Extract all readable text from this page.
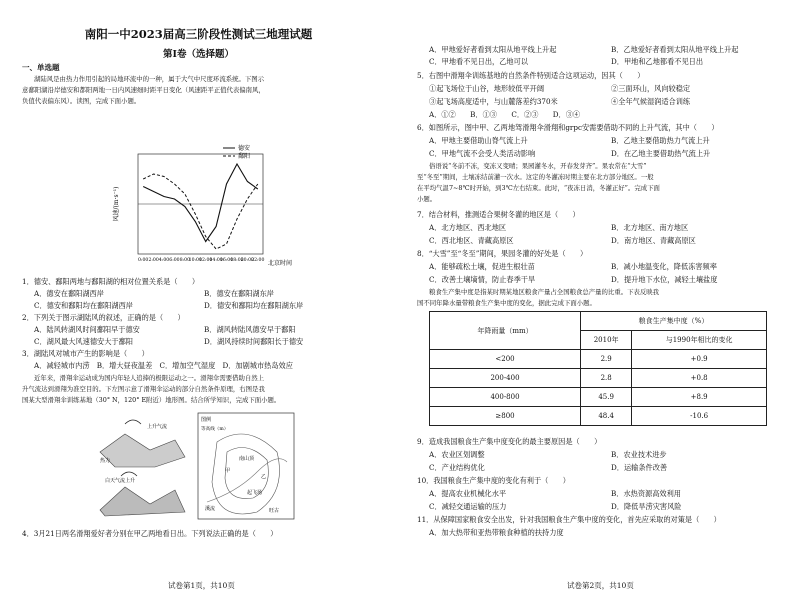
南阳一中2023届高三阶段性测试三地理试题
第Ⅰ卷（选择题）
一、单选题
湖陆风是由热力作用引起的局地环流中的一种，属于大气中尺度环流系统。下图示
意鄱阳湖沿岸德安和都阳两地一日内风速细时距平日变化（风速距平正值代表偏南风，
负值代表偏东风）。读图，完成下面小题。
0:00 2:00 4:00 6:00 8:00
10:00
12:00
14:00
16:00
18:00
20:00
22:00
德安
鄱阳
风速/(m·s⁻¹)
北京时间
1．德安、鄱阳两地与鄱阳湖的相对位置关系是（　　）
A．德安在鄱阳湖西岸	B．德安在鄱阳湖东岸
C．德安和鄱阳均在鄱阳湖西岸	D．德安和鄱阳均在鄱阳湖东岸
2．下列关于图示湖陆风的叙述，正确的是（　　）
A．陆风转湖风时间鄱阳早于德安	B．湖风转陆风德安早于鄱阳
C．湖风最大风速德安大于鄱阳	D．湖风持续时间鄱阳长于德安
3．湖陆风对城市产生的影响是（　　）
A．减轻城市内涝　B．增大昼夜温差　C．增加空气湿度　D．加剧城市热岛效应
近年来，滑翔伞运动成为国内年轻人追捧的极限运动之一。滑翔伞需要借助自然上
升气流达到滑翔为准空目的。下左图示意了滑翔伞运动的部分自然条件原理，右图是我
国某大型滑翔伞训练基地（30° N，120° E附近）地形图。结合所学知识，完成下面小题。
上升气流
热力
白天气流上升
图例
等高线（m）
南山顶
甲
乙
起飞场
溪流	旺古
4．3月21日两名滑翔爱好者分别在甲乙两地看日出。下列说法正确的是（　　）
试卷第1页，共10页
A．甲地爱好者看到太阳从地平线上升起	B．乙地爱好者看到太阳从地平线上升起
C．甲地看不见日出，乙地可以	D．甲地和乙地都看不见日出
5．右图中滑翔伞训练基地的自然条件特别适合这项运动，因其（　　）
①起飞场位于山谷，地形较低平开阔	②三面环山，风向较稳定
③起飞场高度适中，与山麓落差约370米	④全年气候湿润适合训练
A．①②　　B．①③　　C．②③　　D．③④
6．如图所示，图中甲、乙两地驾滑翔伞滑翔和grpc安需要借助不同的上升气流，其中（　　）
A．甲地主要借助山脊气流上升	B．乙地主要借助热力气流上升
C．甲地气流不会受人类活动影响	D．在乙地主要借助热气流上升
俗语说“冬前不冻，变冻又变晴；果园灌冬水，开春发芽齐”。果农常在“大雪”
至“冬至”期间，土壤冻结前灌一次水。这定的冬灌冻时期主要在北方部分地区。一般
在平均气温7~8℃时开始，到3℃左右结束。此时，“夜冻日消，冬灌正好”。完成下面
小题。
7．结合材料，推测适合果树冬灌的地区是（　　）
A．北方地区、西北地区	B．北方地区、南方地区
C．西北地区、青藏高原区	D．南方地区、青藏高原区
8．“大雪”至“冬至”期间，果园冬灌的好处是（　　）
A．能够疏松土壤，促进生根壮苗	B．减小地温变化，降低冻害频率
C．改善土壤墒情，防止春季干旱	D．提升地下水位，减轻土壤盐度
粮食生产集中度是指某时期某地区粮食产量占全国粮食总产量的比重。下表反映我
国不同年降水量带粮食生产集中度的变化，据此完成下面小题。
年降雨量（mm）	粮食生产集中度（%）	
	2010年	与1990年相比的变化
<200	2.9	+0.9
200-400	2.8	+0.8
400-800	45.9	+8.9
≥800	48.4	-10.6
9．造成我国粮食生产集中度变化的最主要原因是（　　）
A．农业区划调整	B．农业技术进步
C．产业结构优化	D．运输条件改善
10．我国粮食生产集中度的变化有利于（　　）
A．提高农业机械化水平	B．水热资源高效利用
C．减轻交通运输的压力	D．降低旱涝灾害风险
11．从保障国家粮食安全出发，针对我国粮食生产集中度的变化，首先应采取的对策是（　　）
A．加大热带和亚热带粮食种植的扶持力度
试卷第2页，共10页
